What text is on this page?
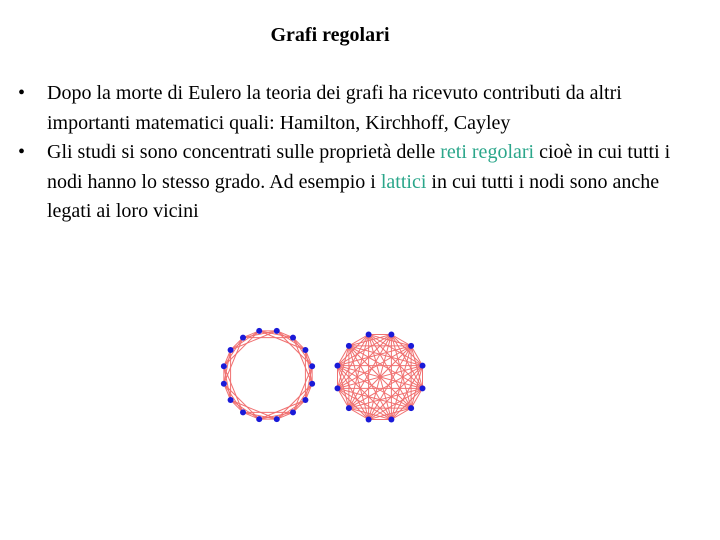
Grafi regolari
• Dopo la morte di Eulero la teoria dei grafi ha ricevuto contributi da altri importanti matematici quali: Hamilton, Kirchhoff, Cayley
• Gli studi si sono concentrati sulle proprietà delle reti regolari cioè in cui tutti i nodi hanno lo stesso grado. Ad esempio i lattici in cui tutti i nodi sono anche legati ai loro vicini
